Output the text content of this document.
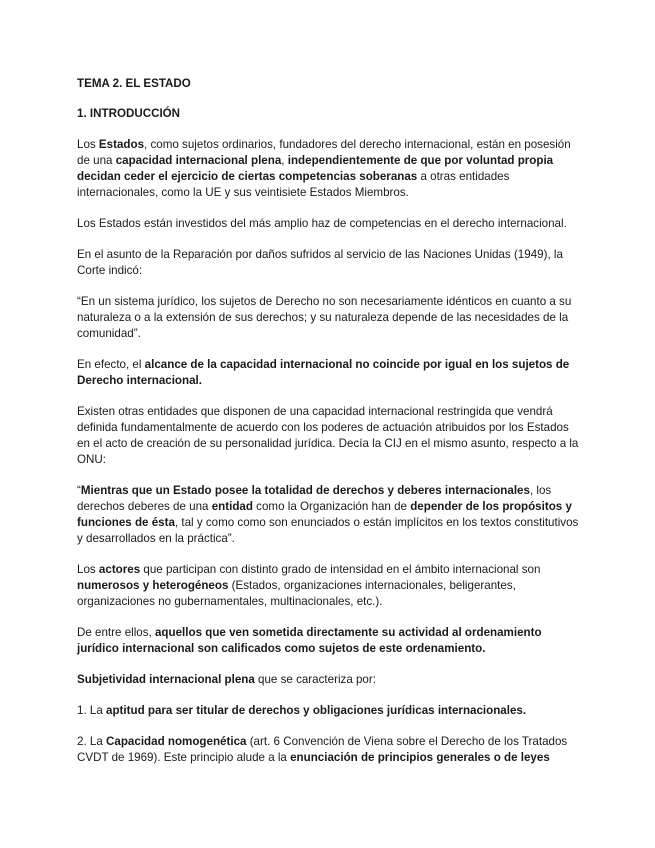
TEMA 2. EL ESTADO

1. INTRODUCCIÓN

Los Estados, como sujetos ordinarios, fundadores del derecho internacional, están en posesión de una capacidad internacional plena, independientemente de que por voluntad propia decidan ceder el ejercicio de ciertas competencias soberanas a otras entidades internacionales, como la UE y sus veintisiete Estados Miembros.

Los Estados están investidos del más amplio haz de competencias en el derecho internacional.

En el asunto de la Reparación por daños sufridos al servicio de las Naciones Unidas (1949), la Corte indicó:

“En un sistema jurídico, los sujetos de Derecho no son necesariamente idénticos en cuanto a su naturaleza o a la extensión de sus derechos; y su naturaleza depende de las necesidades de la comunidad”.

En efecto, el alcance de la capacidad internacional no coincide por igual en los sujetos de Derecho internacional.

Existen otras entidades que disponen de una capacidad internacional restringida que vendrá definida fundamentalmente de acuerdo con los poderes de actuación atribuidos por los Estados en el acto de creación de su personalidad jurídica. Decía la CIJ en el mismo asunto, respecto a la ONU:

“Mientras que un Estado posee la totalidad de derechos y deberes internacionales, los derechos deberes de una entidad como la Organización han de depender de los propósitos y funciones de ésta, tal y como como son enunciados o están implícitos en los textos constitutivos y desarrollados en la práctica”.

Los actores que participan con distinto grado de intensidad en el ámbito internacional son numerosos y heterogéneos (Estados, organizaciones internacionales, beligerantes, organizaciones no gubernamentales, multinacionales, etc.).

De entre ellos, aquellos que ven sometida directamente su actividad al ordenamiento jurídico internacional son calificados como sujetos de este ordenamiento.

Subjetividad internacional plena que se caracteriza por:

1. La aptitud para ser titular de derechos y obligaciones jurídicas internacionales.

2. La Capacidad nomogenética (art. 6 Convención de Viena sobre el Derecho de los Tratados CVDT de 1969). Este principio alude a la enunciación de principios generales o de leyes
